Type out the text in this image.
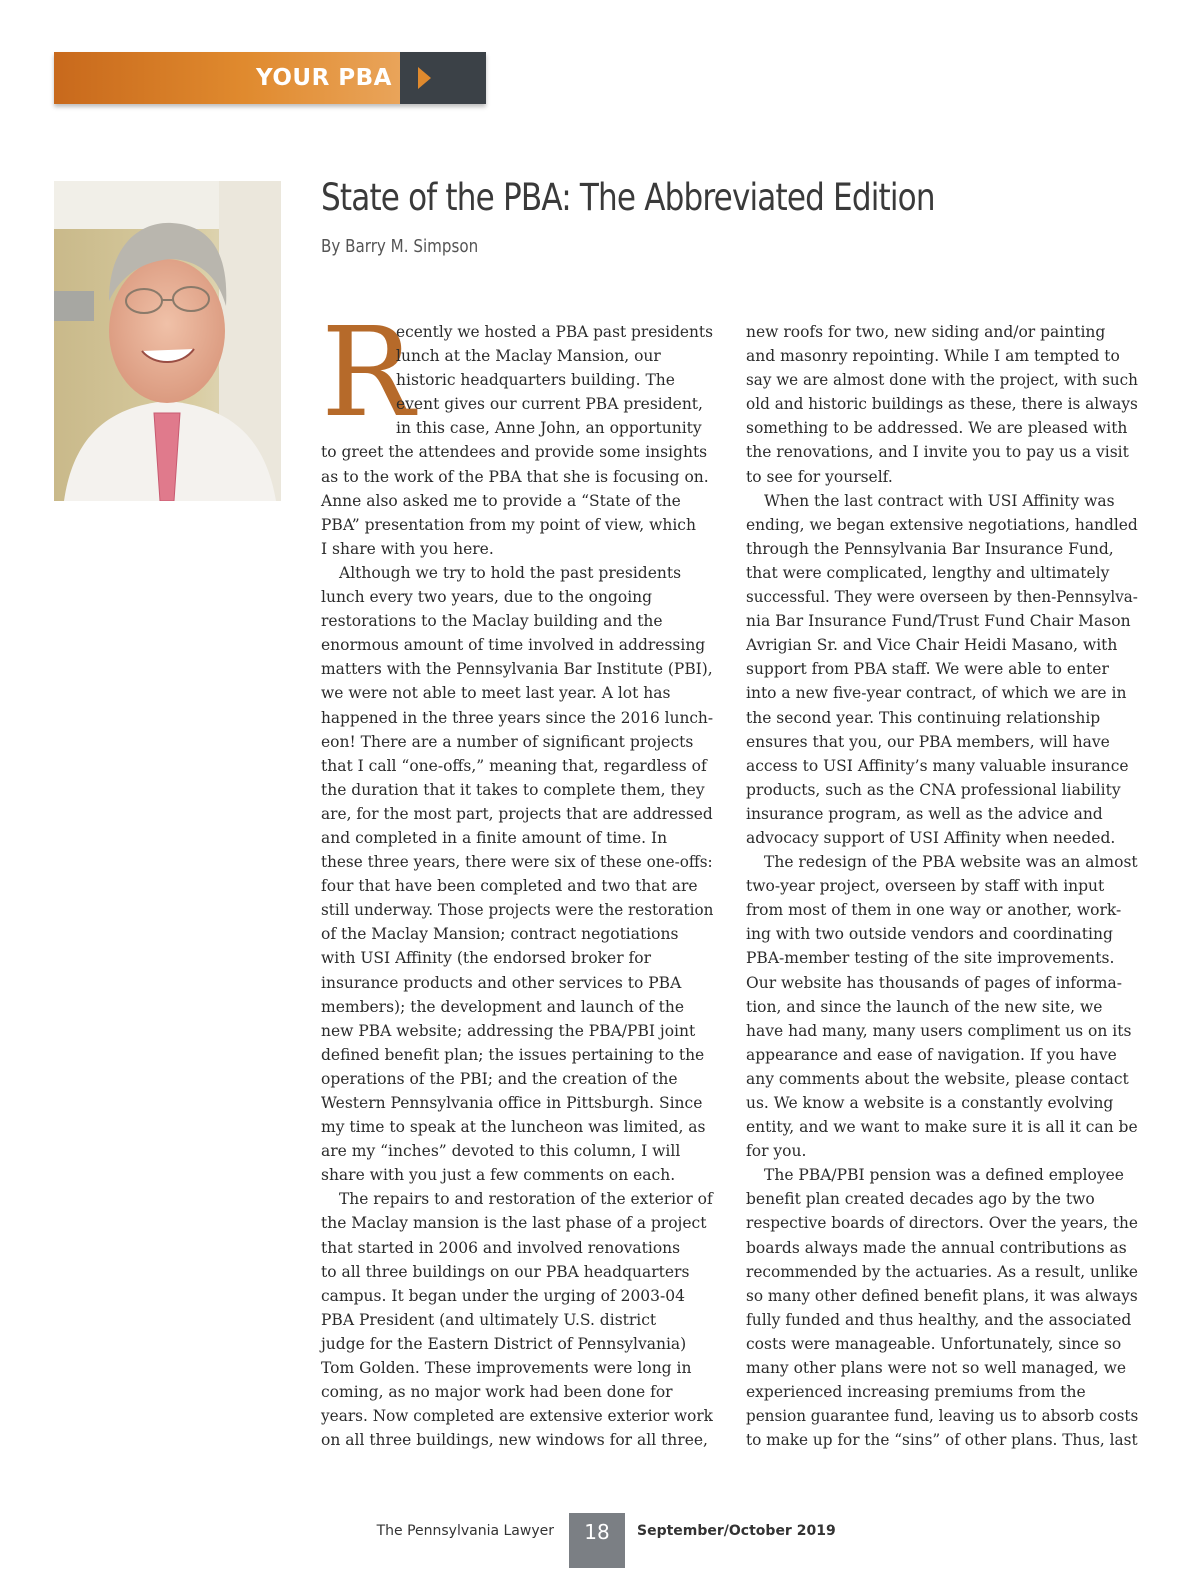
YOUR PBA
State of the PBA: The Abbreviated Edition
By Barry M. Simpson
R
ecently we hosted a PBA past presidents
lunch at the Maclay Mansion, our
historic headquarters building. The
event gives our current PBA president,
in this case, Anne John, an opportunity
to greet the attendees and provide some insights
as to the work of the PBA that she is focusing on.
Anne also asked me to provide a “State of the
PBA” presentation from my point of view, which
I share with you here.
Although we try to hold the past presidents
lunch every two years, due to the ongoing
restorations to the Maclay building and the
enormous amount of time involved in addressing
matters with the Pennsylvania Bar Institute (PBI),
we were not able to meet last year. A lot has
happened in the three years since the 2016 lunch-
eon! There are a number of significant projects
that I call “one-offs,” meaning that, regardless of
the duration that it takes to complete them, they
are, for the most part, projects that are addressed
and completed in a finite amount of time. In
these three years, there were six of these one-offs:
four that have been completed and two that are
still underway. Those projects were the restoration
of the Maclay Mansion; contract negotiations
with USI Affinity (the endorsed broker for
insurance products and other services to PBA
members); the development and launch of the
new PBA website; addressing the PBA/PBI joint
defined benefit plan; the issues pertaining to the
operations of the PBI; and the creation of the
Western Pennsylvania office in Pittsburgh. Since
my time to speak at the luncheon was limited, as
are my “inches” devoted to this column, I will
share with you just a few comments on each.
The repairs to and restoration of the exterior of
the Maclay mansion is the last phase of a project
that started in 2006 and involved renovations
to all three buildings on our PBA headquarters
campus. It began under the urging of 2003-04
PBA President (and ultimately U.S. district
judge for the Eastern District of Pennsylvania)
Tom Golden. These improvements were long in
coming, as no major work had been done for
years. Now completed are extensive exterior work
on all three buildings, new windows for all three,
new roofs for two, new siding and/or painting
and masonry repointing. While I am tempted to
say we are almost done with the project, with such
old and historic buildings as these, there is always
something to be addressed. We are pleased with
the renovations, and I invite you to pay us a visit
to see for yourself.
When the last contract with USI Affinity was
ending, we began extensive negotiations, handled
through the Pennsylvania Bar Insurance Fund,
that were complicated, lengthy and ultimately
successful. They were overseen by then-Pennsylva-
nia Bar Insurance Fund/Trust Fund Chair Mason
Avrigian Sr. and Vice Chair Heidi Masano, with
support from PBA staff. We were able to enter
into a new five-year contract, of which we are in
the second year. This continuing relationship
ensures that you, our PBA members, will have
access to USI Affinity’s many valuable insurance
products, such as the CNA professional liability
insurance program, as well as the advice and
advocacy support of USI Affinity when needed.
The redesign of the PBA website was an almost
two-year project, overseen by staff with input
from most of them in one way or another, work-
ing with two outside vendors and coordinating
PBA-member testing of the site improvements.
Our website has thousands of pages of informa-
tion, and since the launch of the new site, we
have had many, many users compliment us on its
appearance and ease of navigation. If you have
any comments about the website, please contact
us. We know a website is a constantly evolving
entity, and we want to make sure it is all it can be
for you.
The PBA/PBI pension was a defined employee
benefit plan created decades ago by the two
respective boards of directors. Over the years, the
boards always made the annual contributions as
recommended by the actuaries. As a result, unlike
so many other defined benefit plans, it was always
fully funded and thus healthy, and the associated
costs were manageable. Unfortunately, since so
many other plans were not so well managed, we
experienced increasing premiums from the
pension guarantee fund, leaving us to absorb costs
to make up for the “sins” of other plans. Thus, last
The Pennsylvania Lawyer	18	September/October 2019
